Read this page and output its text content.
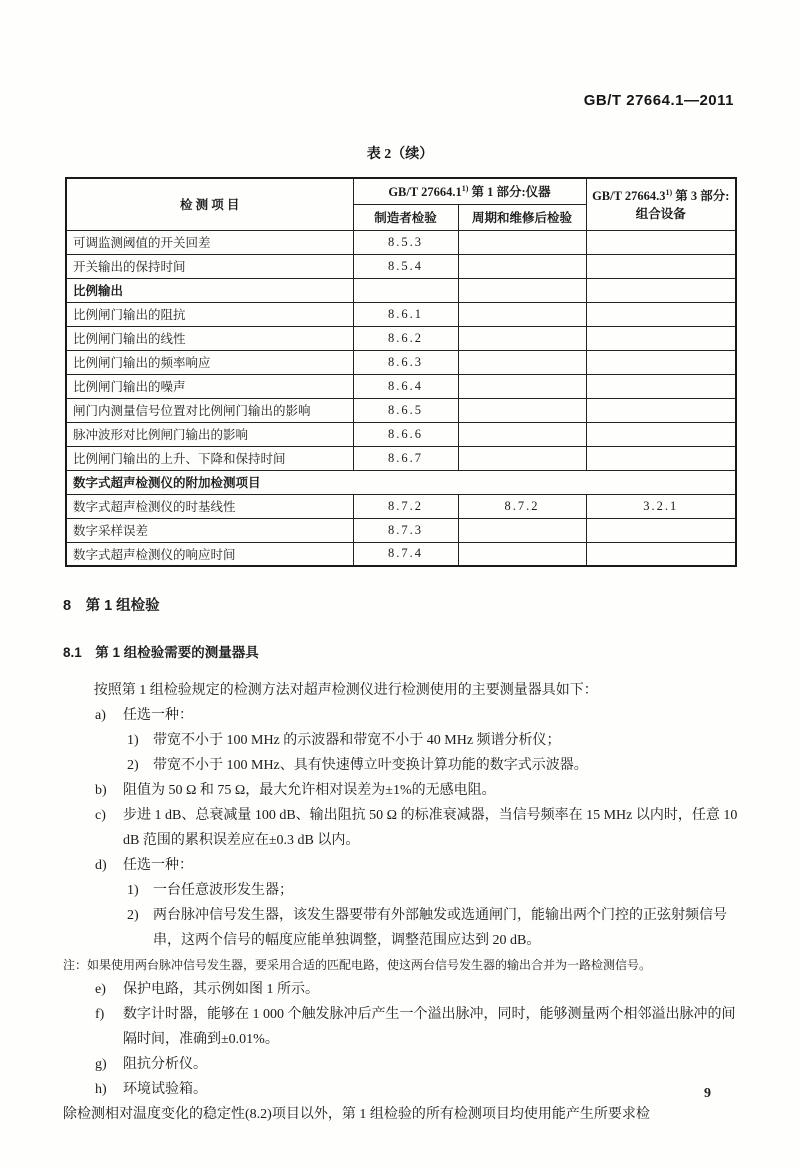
GB/T 27664.1—2011
表 2（续）
检 测 项 目	GB/T 27664.1$^{1)}$ 第 1 部分:仪器		GB/T 27664.3$^{1)}$ 第 3 部分:组合设备
	制造者检验	周期和维修后检验	
可调监测阈值的开关回差	8.5.3		
开关输出的保持时间	8.5.4		
比例输出			
比例闸门输出的阻抗	8.6.1		
比例闸门输出的线性	8.6.2		
比例闸门输出的频率响应	8.6.3		
比例闸门输出的噪声	8.6.4		
闸门内测量信号位置对比例闸门输出的影响	8.6.5		
脉冲波形对比例闸门输出的影响	8.6.6		
比例闸门输出的上升、下降和保持时间	8.6.7		
数字式超声检测仪的附加检测项目			
数字式超声检测仪的时基线性	8.7.2	8.7.2	3.2.1
数字采样误差	8.7.3		
数字式超声检测仪的响应时间	8.7.4		
8　第 1 组检验
8.1　第 1 组检验需要的测量器具
按照第 1 组检验规定的检测方法对超声检测仪进行检测使用的主要测量器具如下：
a) 任选一种：
1) 带宽不小于 100 MHz 的示波器和带宽不小于 40 MHz 频谱分析仪；
2) 带宽不小于 100 MHz、具有快速傅立叶变换计算功能的数字式示波器。
b) 阻值为 50 Ω 和 75 Ω，最大允许相对误差为±1%的无感电阻。
c) 步进 1 dB、总衰减量 100 dB、输出阻抗 50 Ω 的标准衰减器，当信号频率在 15 MHz 以内时，任意 10 dB 范围的累积误差应在±0.3 dB 以内。
d) 任选一种：
1) 一台任意波形发生器；
2) 两台脉冲信号发生器，该发生器要带有外部触发或选通闸门，能输出两个门控的正弦射频信号串，这两个信号的幅度应能单独调整，调整范围应达到 20 dB。
注：如果使用两台脉冲信号发生器，要采用合适的匹配电路，使这两台信号发生器的输出合并为一路检测信号。
e) 保护电路，其示例如图 1 所示。
f) 数字计时器，能够在 1 000 个触发脉冲后产生一个溢出脉冲，同时，能够测量两个相邻溢出脉冲的间隔时间，准确到±0.01%。
g) 阻抗分析仪。
h) 环境试验箱。
除检测相对温度变化的稳定性(8.2)项目以外，第 1 组检验的所有检测项目均使用能产生所要求检
9
